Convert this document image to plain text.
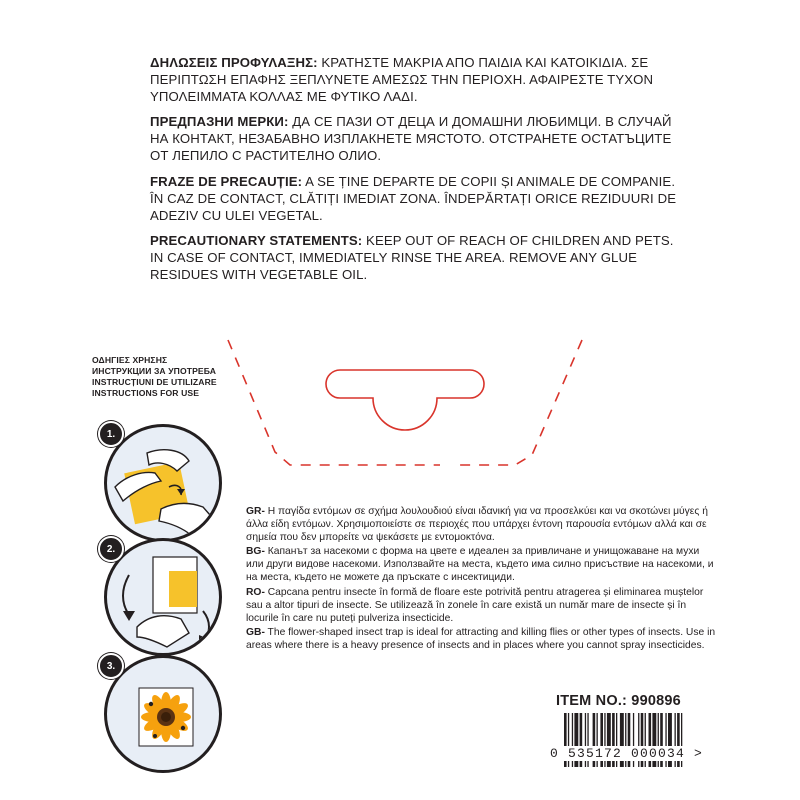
ΔΗΛΩΣΕΙΣ ΠΡΟΦΥΛΑΞΗΣ: ΚΡΑΤΗΣΤΕ ΜΑΚΡΙΑ ΑΠΟ ΠΑΙΔΙΑ ΚΑΙ ΚΑΤΟΙΚΙΔΙΑ. ΣΕ ΠΕΡΙΠΤΩΣΗ ΕΠΑΦΗΣ ΞΕΠΛΥΝΕΤΕ ΑΜΕΣΩΣ ΤΗΝ ΠΕΡΙΟΧΗ. ΑΦΑΙΡΕΣΤΕ ΤΥΧΟΝ ΥΠΟΛΕΙΜΜΑΤΑ ΚΟΛΛΑΣ ΜΕ ΦΥΤΙΚΟ ΛΑΔΙ.
ПРЕДПАЗНИ МЕРКИ: ДА СЕ ПАЗИ ОТ ДЕЦА И ДОМАШНИ ЛЮБИМЦИ. В СЛУЧАЙ НА КОНТАКТ, НЕЗАБАВНО ИЗПЛАКНЕТЕ МЯСТОТО. ОТСТРАНЕТЕ ОСТАТЪЦИТЕ ОТ ЛЕПИЛО С РАСТИТЕЛНО ОЛИО.
FRAZE DE PRECAUȚIE: A SE ȚINE DEPARTE DE COPII ȘI ANIMALE DE COMPANIE. ÎN CAZ DE CONTACT, CLĂTIȚI IMEDIAT ZONA. ÎNDEPĂRTAȚI ORICE REZIDUURI DE ADEZIV CU ULEI VEGETAL.
PRECAUTIONARY STATEMENTS: KEEP OUT OF REACH OF CHILDREN AND PETS. IN CASE OF CONTACT, IMMEDIATELY RINSE THE AREA. REMOVE ANY GLUE RESIDUES WITH VEGETABLE OIL.
ΟΔΗΓΙΕΣ ΧΡΗΣΗΣ
ИНСТРУКЦИИ ЗА УПОТРЕБА
INSTRUCȚIUNI DE UTILIZARE
INSTRUCTIONS FOR USE
1.
2.
3.

GR- Η παγίδα εντόμων σε σχήμα λουλουδιού είναι ιδανική για να προσελκύει και να σκοτώνει μύγες ή άλλα είδη εντόμων. Χρησιμοποιείστε σε περιοχές που υπάρχει έντονη παρουσία εντόμων αλλά και σε σημεία που δεν μπορείτε να ψεκάσετε με εντομοκτόνα.

BG- Капанът за насекоми с форма на цвете е идеален за привличане и унищожаване на мухи или други видове насекоми. Използвайте на места, където има силно присъствие на насекоми, и на места, където не можете да пръскате с инсектициди.

RO- Capcana pentru insecte în formă de floare este potrivită pentru atragerea și eliminarea muștelor sau a altor tipuri de insecte. Se utilizează în zonele în care există un număr mare de insecte și în locurile în care nu puteți pulveriza insecticide.

GB- The flower-shaped insect trap is ideal for attracting and killing flies or other types of insects. Use in areas where there is a heavy presence of insects and in places where you cannot spray insecticides.

ITEM NO.: 990896
0 535172 000034 >
